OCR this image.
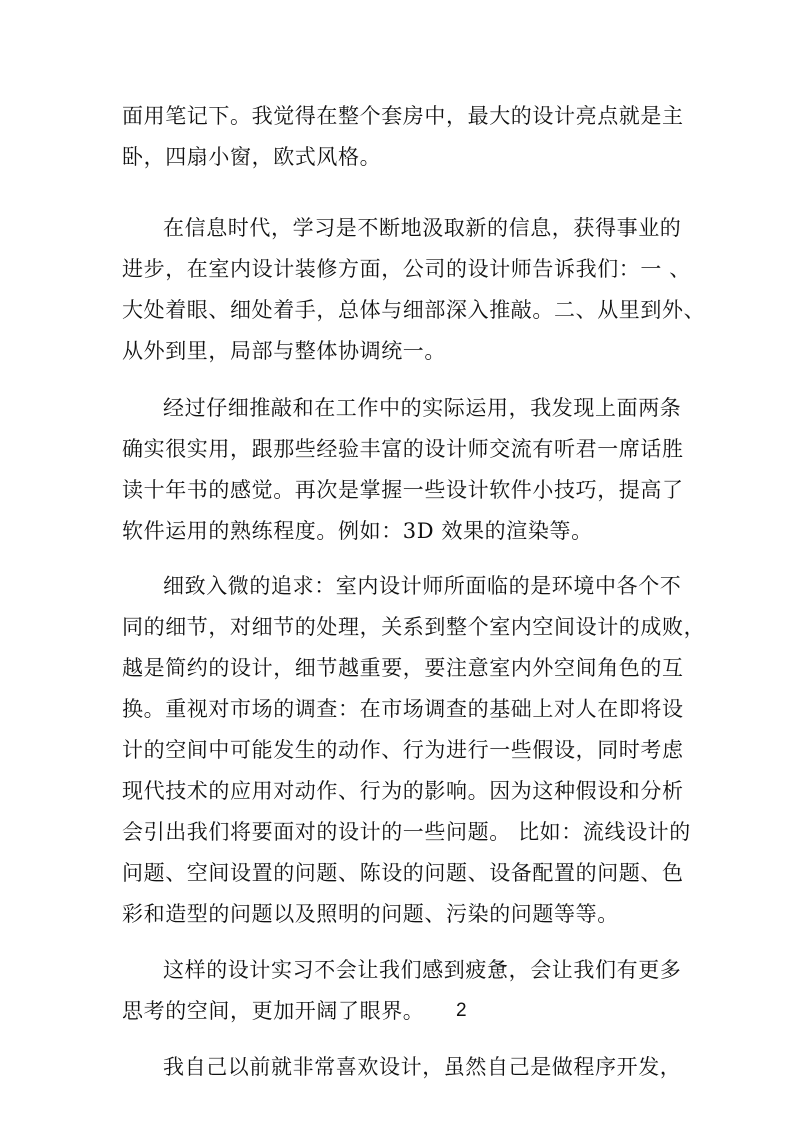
面用笔记下。我觉得在整个套房中，最大的设计亮点就是主
卧，四扇小窗，欧式风格。
在信息时代，学习是不断地汲取新的信息，获得事业的
进步，在室内设计装修方面，公司的设计师告诉我们：一 、
大处着眼、细处着手，总体与细部深入推敲。二、从里到外、
从外到里，局部与整体协调统一。
经过仔细推敲和在工作中的实际运用，我发现上面两条
确实很实用，跟那些经验丰富的设计师交流有听君一席话胜
读十年书的感觉。再次是掌握一些设计软件小技巧，提高了
软件运用的熟练程度。例如：3D 效果的渲染等。
细致入微的追求：室内设计师所面临的是环境中各个不
同的细节，对细节的处理，关系到整个室内空间设计的成败，
越是简约的设计，细节越重要，要注意室内外空间角色的互
换。重视对市场的调查：在市场调查的基础上对人在即将设
计的空间中可能发生的动作、行为进行一些假设，同时考虑
现代技术的应用对动作、行为的影响。因为这种假设和分析
会引出我们将要面对的设计的一些问题。 比如：流线设计的
问题、空间设置的问题、陈设的问题、设备配置的问题、色
彩和造型的问题以及照明的问题、污染的问题等等。
这样的设计实习不会让我们感到疲惫，会让我们有更多
思考的空间，更加开阔了眼界。 2
我自己以前就非常喜欢设计，虽然自己是做程序开发，
